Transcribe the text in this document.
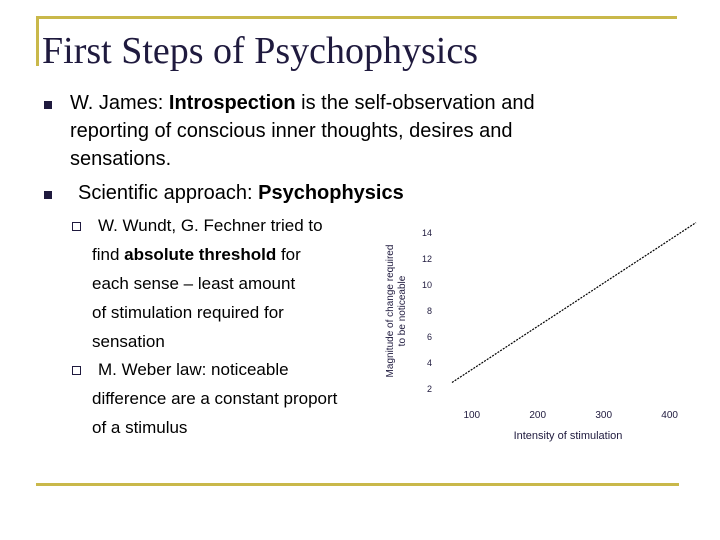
First Steps of Psychophysics
W. James: Introspection is the self-observation and
reporting of conscious inner thoughts, desires and
sensations.
Scientific approach: Psychophysics
W. Wundt, G. Fechner tried to
find absolute threshold for
each sense – least amount
of stimulation required for
sensation
M. Weber law: noticeable
difference are a constant proport
of a stimulus
2
4
6
8
10
12
14
100	200	300	400
Intensity of stimulation
Magnitude of change required to be noticeable
